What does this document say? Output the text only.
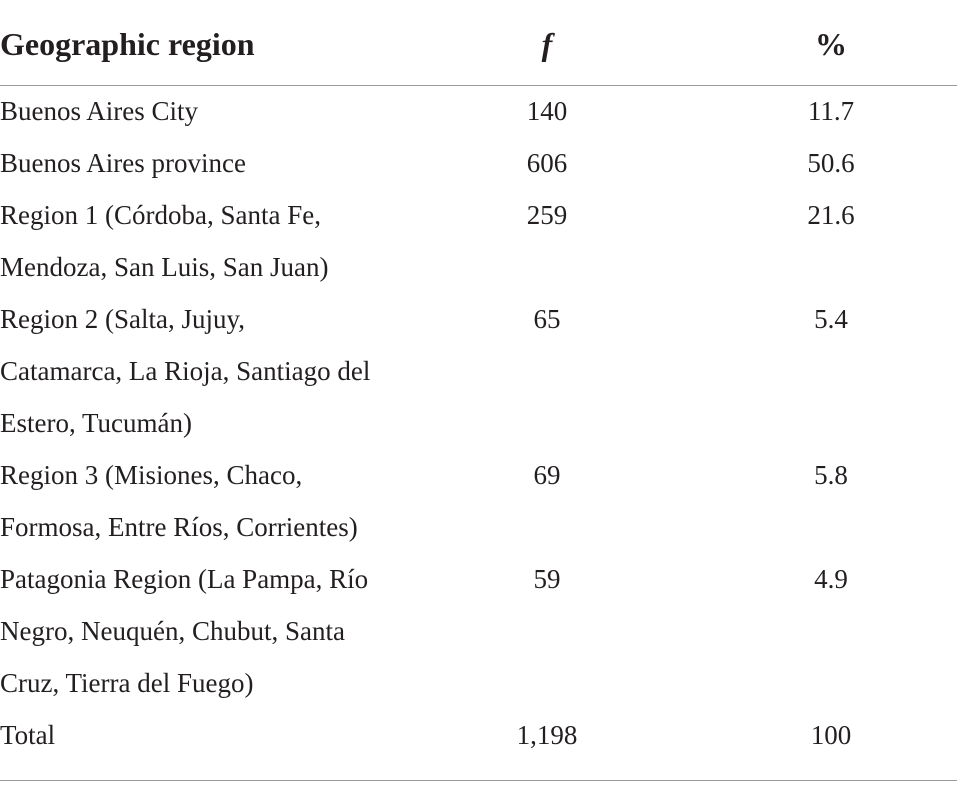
Geographic region	f	%
Buenos Aires City	140	11.7
Buenos Aires province	606	50.6
Region 1 (Córdoba, Santa Fe,
Mendoza, San Luis, San Juan)
259	21.6
Region 2 (Salta, Jujuy,
Catamarca, La Rioja, Santiago del
Estero, Tucumán)
65	5.4
Region 3 (Misiones, Chaco,
Formosa, Entre Ríos, Corrientes)
69	5.8
Patagonia Region (La Pampa, Río
Negro, Neuquén, Chubut, Santa
Cruz, Tierra del Fuego)
59	4.9
Total	1,198	100
